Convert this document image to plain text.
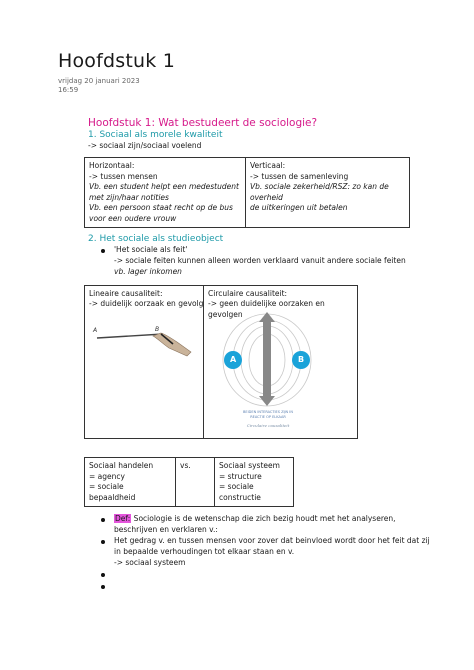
Hoofdstuk 1
vrijdag 20 januari 2023
16:59
Hoofdstuk 1: Wat bestudeert de sociologie?
1. Sociaal als morele kwaliteit
-> sociaal zijn/sociaal voelend
Horizontaal:
-> tussen mensen
Vb. een student helpt een medestudent
met zijn/haar notities
Vb. een persoon staat recht op de bus
voor een oudere vrouw

Verticaal:
-> tussen de samenleving
Vb. sociale zekerheid/RSZ: zo kan de overheid
de uitkeringen uit betalen
2. Het sociale als studieobject
'Het sociale als feit'
-> sociale feiten kunnen alleen worden verklaard vanuit andere sociale feiten
vb. lager inkomen
Lineaire causaliteit:
-> duidelijk oorzaak en gevolg
Circulaire causaliteit:
-> geen duidelijke oorzaken en gevolgen
A	B
A	B
BEIDEN INTERACTIES ZIJN IN
REACTIE OP ELKAAR
Circulaire causaliteit
Sociaal handelen
= agency
= sociale bepaaldheid

vs.	Sociaal systeem
= structure
= sociale constructie
Def: Sociologie is de wetenschap die zich bezig houdt met het analyseren,
beschrijven en verklaren v.:
Het gedrag v. en tussen mensen voor zover dat beinvloed wordt door het feit dat zij
in bepaalde verhoudingen tot elkaar staan en v.
-> sociaal systeem
